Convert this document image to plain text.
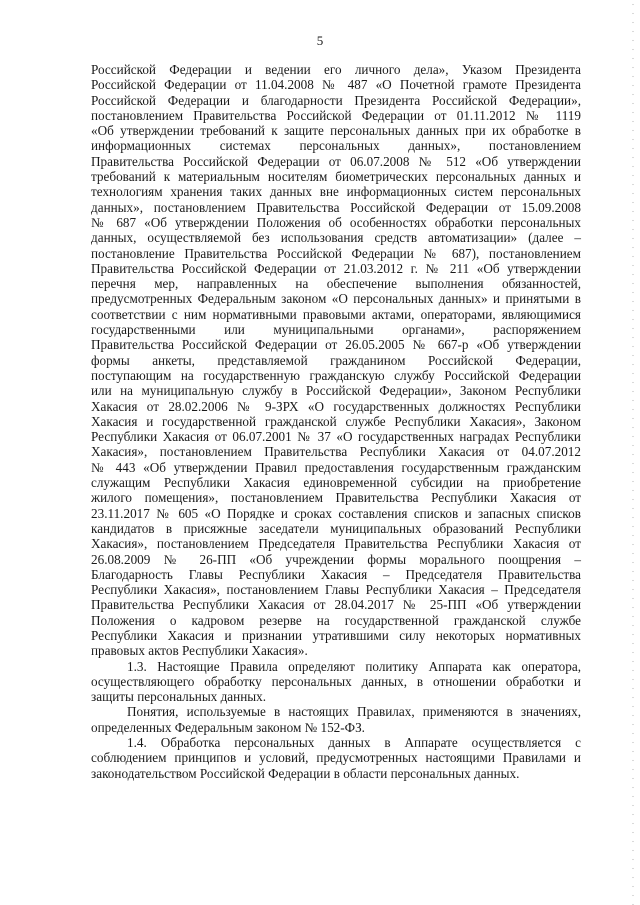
5
Российской Федерации и ведении его личного дела», Указом Президента
Российской Федерации от 11.04.2008 № 487 «О Почетной грамоте Президента
Российской Федерации и благодарности Президента Российской Федерации»,
постановлением Правительства Российской Федерации от 01.11.2012 № 1119
«Об утверждении требований к защите персональных данных при их обработке в
информационных системах персональных данных», постановлением
Правительства Российской Федерации от 06.07.2008 № 512 «Об утверждении
требований к материальным носителям биометрических персональных данных и
технологиям хранения таких данных вне информационных систем персональных
данных», постановлением Правительства Российской Федерации от 15.09.2008
№ 687 «Об утверждении Положения об особенностях обработки персональных
данных, осуществляемой без использования средств автоматизации» (далее –
постановление Правительства Российской Федерации № 687), постановлением
Правительства Российской Федерации от 21.03.2012 г. № 211 «Об утверждении
перечня мер, направленных на обеспечение выполнения обязанностей,
предусмотренных Федеральным законом «О персональных данных» и принятыми в
соответствии с ним нормативными правовыми актами, операторами, являющимися
государственными или муниципальными органами», распоряжением
Правительства Российской Федерации от 26.05.2005 № 667-р «Об утверждении
формы анкеты, представляемой гражданином Российской Федерации,
поступающим на государственную гражданскую службу Российской Федерации
или на муниципальную службу в Российской Федерации», Законом Республики
Хакасия от 28.02.2006 № 9-ЗРХ «О государственных должностях Республики
Хакасия и государственной гражданской службе Республики Хакасия», Законом
Республики Хакасия от 06.07.2001 № 37 «О государственных наградах Республики
Хакасия», постановлением Правительства Республики Хакасия от 04.07.2012
№ 443 «Об утверждении Правил предоставления государственным гражданским
служащим Республики Хакасия единовременной субсидии на приобретение
жилого помещения», постановлением Правительства Республики Хакасия от
23.11.2017 № 605 «О Порядке и сроках составления списков и запасных списков
кандидатов в присяжные заседатели муниципальных образований Республики
Хакасия», постановлением Председателя Правительства Республики Хакасия от
26.08.2009 № 26-ПП «Об учреждении формы морального поощрения –
Благодарность Главы Республики Хакасия – Председателя Правительства
Республики Хакасия», постановлением Главы Республики Хакасия – Председателя
Правительства Республики Хакасия от 28.04.2017 № 25-ПП «Об утверждении
Положения о кадровом резерве на государственной гражданской службе
Республики Хакасия и признании утратившими силу некоторых нормативных
правовых актов Республики Хакасия».
1.3. Настоящие Правила определяют политику Аппарата как оператора,
осуществляющего обработку персональных данных, в отношении обработки и
защиты персональных данных.
Понятия, используемые в настоящих Правилах, применяются в значениях,
определенных Федеральным законом № 152-ФЗ.
1.4. Обработка персональных данных в Аппарате осуществляется с
соблюдением принципов и условий, предусмотренных настоящими Правилами и
законодательством Российской Федерации в области персональных данных.
